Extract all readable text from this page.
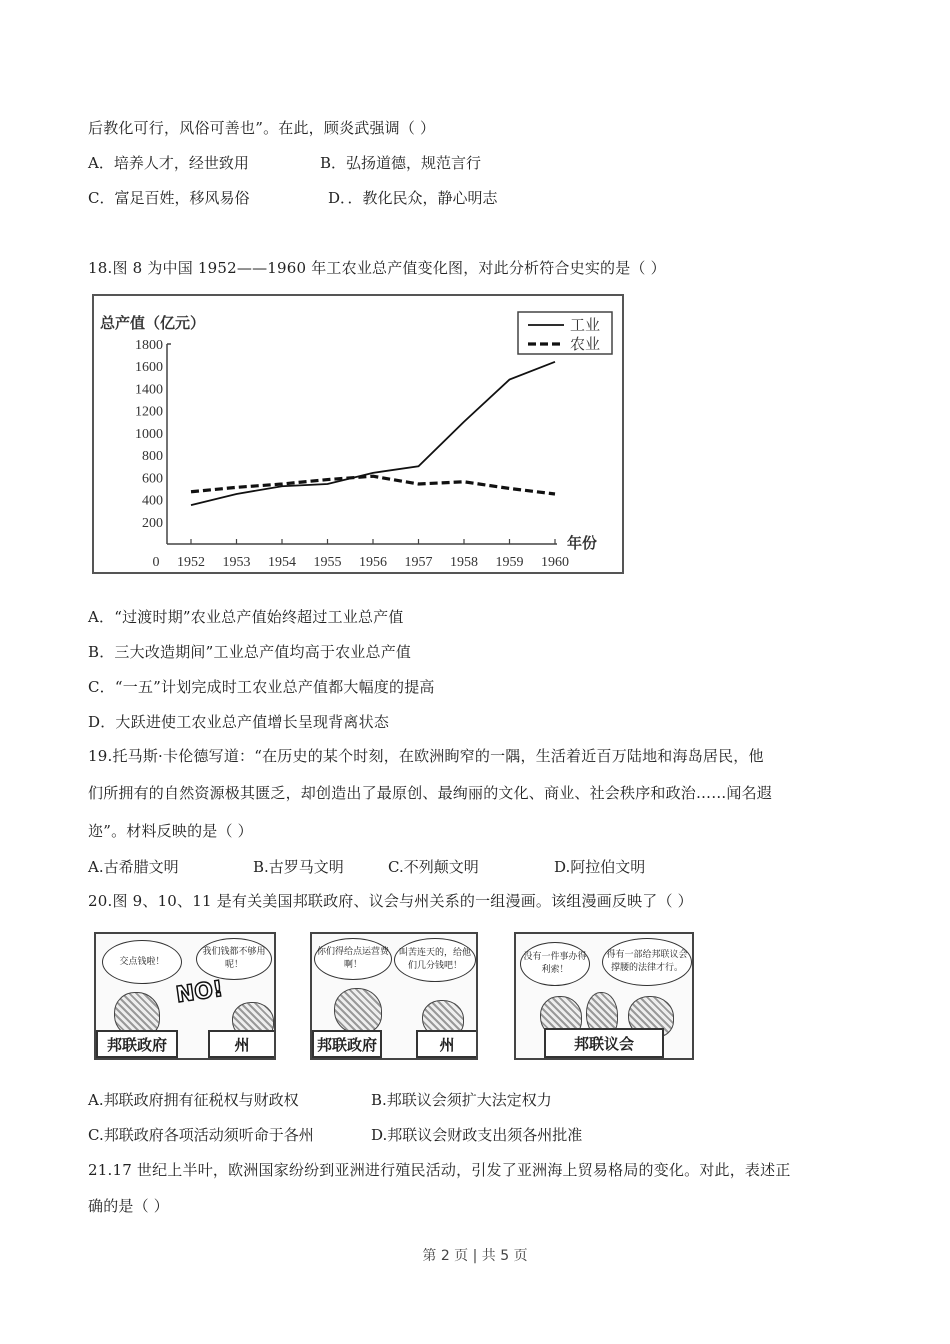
后教化可行，风俗可善也”。在此，顾炎武强调（ ）
A．培养人才，经世致用	B．弘扬道德，规范言行
C．富足百姓，移风易俗	D．．教化民众，静心明志
18.图 8 为中国 1952——1960 年工农业总产值变化图，对此分析符合史实的是（ ）
总产值（亿元）
200
400
600
800
1000
1200
1400
1600
1800
0 1952 1953 1954 1955 1956 1957 1958 1959 1960
年份
工业
农业
A．“过渡时期”农业总产值始终超过工业总产值
B．三大改造期间”工业总产值均高于农业总产值
C．“一五”计划完成时工农业总产值都大幅度的提高
D．大跃进使工农业总产值增长呈现背离状态
19.托马斯·卡伦德写道：“在历史的某个时刻，在欧洲眴窄的一隅，生活着近百万陆地和海岛居民，他
们所拥有的自然资源极其匮乏，却创造出了最原创、最绚丽的文化、商业、社会秩序和政治……闻名遐
迩”。材料反映的是（ ）
A.古希腊文明	B.古罗马文明	C.不列颠文明	D.阿拉伯文明
20.图 9、10、11 是有关美国邦联政府、议会与州关系的一组漫画。该组漫画反映了（ ）
交点钱啦！
我们钱都不够用呢！
NO!
邦联政府	州
你们得给点运营费啊！
叫苦连天的，给他们几分钱吧！
邦联政府	州
没有一件事办得利索！
得有一部给邦联议会撑腰的法律才行。
邦联议会
A.邦联政府拥有征税权与财政权	B.邦联议会须扩大法定权力
C.邦联政府各项活动须听命于各州	D.邦联议会财政支出须各州批准
21.17 世纪上半叶，欧洲国家纷纷到亚洲进行殖民活动，引发了亚洲海上贸易格局的变化。对此，表述正
确的是（ ）
第 2 页 | 共 5 页
